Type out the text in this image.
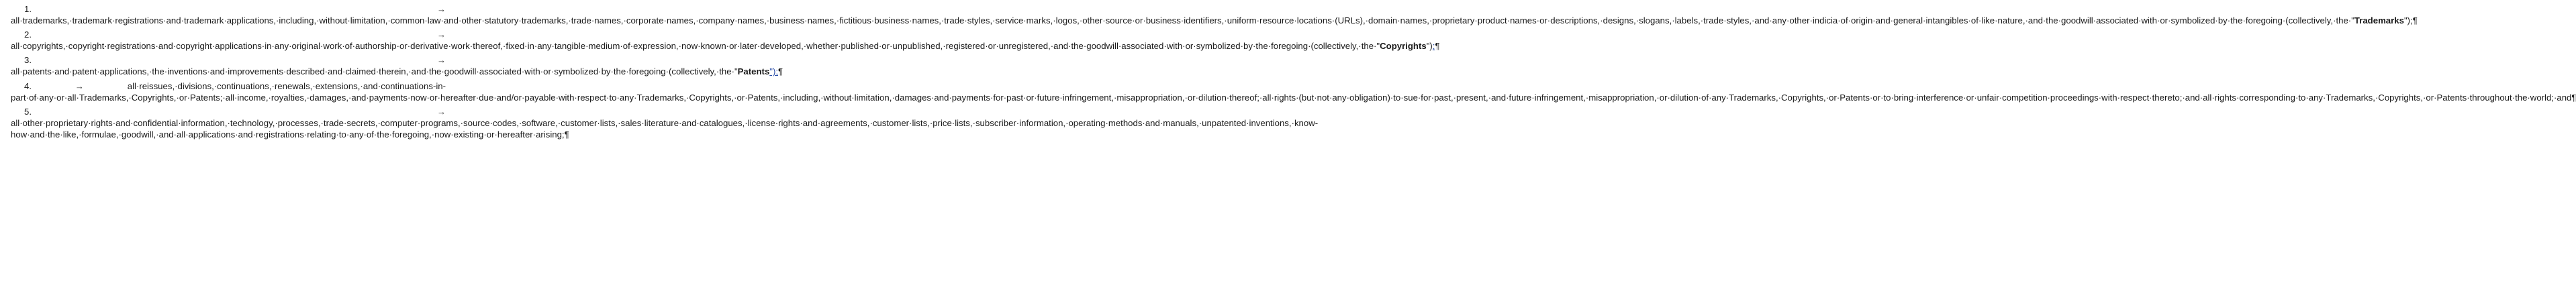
1.	→ all·trademarks,·trademark·registrations·and·trademark·applications,·including,·without·limitation,·common·law·and·other·statutory·trademarks,·trade·names,·corporate·names,·company·names,·business·names,·fictitious·business·names,·trade·styles,·service·marks,·logos,·other·source·or·business·identifiers,·uniform·resource·locations·(URLs),·domain·names,·proprietary·product·names·or·descriptions,·designs,·slogans,·labels,·trade·styles,·and·any·other·indicia·of·origin·and·general·intangibles·of·like·nature,·and·the·goodwill·associated·with·or·symbolized·by·the·foregoing·(collectively,·the·"Trademarks");¶

2.	→ all·copyrights,·copyright·registrations·and·copyright·applications·in·any·original·work·of·authorship·or·derivative·work·thereof,·fixed·in·any·tangible·medium·of·expression,·now·known·or·later·developed,·whether·published·or·unpublished,·registered·or·unregistered,·and·the·goodwill·associated·with·or·symbolized·by·the·foregoing·(collectively,·the·"Copyrights");¶

3.	→ all·patents·and·patent·applications,·the·inventions·and·improvements·described·and·claimed·therein,·and·the·goodwill·associated·with·or·symbolized·by·the·foregoing·(collectively,·the·"Patents");¶

4.	→	all·reissues,·divisions,·continuations,·renewals,·extensions,·and·continuations-in-part·of·any·or·all·Trademarks,·Copyrights,·or·Patents;·all·income,·royalties,·damages,·and·payments·now·or·hereafter·due·and/or·payable·with·respect·to·any·Trademarks,·Copyrights,·or·Patents,·including,·without·limitation,·damages·and·payments·for·past·or·future·infringement,·misappropriation,·or·dilution·thereof;·all·rights·(but·not·any·obligation)·to·sue·for·past,·present,·and·future·infringement,·misappropriation,·or·dilution·of·any·Trademarks,·Copyrights,·or·Patents·or·to·bring·interference·or·unfair·competition·proceedings·with·respect·thereto;·and·all·rights·corresponding·to·any·Trademarks,·Copyrights,·or·Patents·throughout·the·world;·and¶

5.	→ all·other·proprietary·rights·and·confidential·information,·technology,·processes,·trade·secrets,·computer·programs,·source·codes,·software,·customer·lists,·sales·literature·and·catalogues,·license·rights·and·agreements,·customer·lists,·price·lists,·subscriber·information,·operating·methods·and·manuals,·unpatented·inventions,·know-how·and·the·like,·formulae,·goodwill,·and·all·applications·and·registrations·relating·to·any·of·the·foregoing,·now·existing·or·hereafter·arising;¶
